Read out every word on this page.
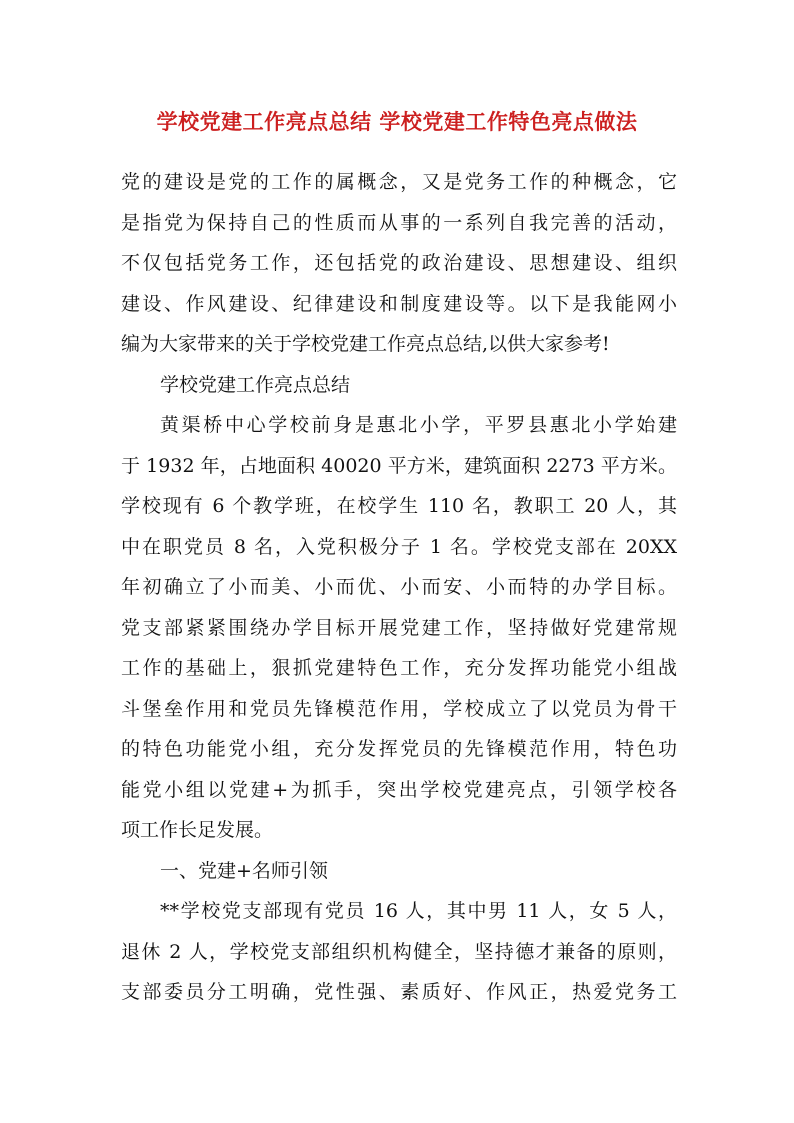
学校党建工作亮点总结 学校党建工作特色亮点做法
党的建设是党的工作的属概念，又是党务工作的种概念，它
是指党为保持自己的性质而从事的一系列自我完善的活动，
不仅包括党务工作，还包括党的政治建设、思想建设、组织
建设、作风建设、纪律建设和制度建设等。以下是我能网小
编为大家带来的关于学校党建工作亮点总结,以供大家参考!
学校党建工作亮点总结
黄渠桥中心学校前身是惠北小学，平罗县惠北小学始建
于 1932 年，占地面积 40020 平方米，建筑面积 2273 平方米。
学校现有 6 个教学班，在校学生 110 名，教职工 20 人，其
中在职党员 8 名，入党积极分子 1 名。学校党支部在 20XX
年初确立了小而美、小而优、小而安、小而特的办学目标。
党支部紧紧围绕办学目标开展党建工作，坚持做好党建常规
工作的基础上，狠抓党建特色工作，充分发挥功能党小组战
斗堡垒作用和党员先锋模范作用，学校成立了以党员为骨干
的特色功能党小组，充分发挥党员的先锋模范作用，特色功
能党小组以党建+为抓手，突出学校党建亮点，引领学校各
项工作长足发展。
一、党建+名师引领
**学校党支部现有党员 16 人，其中男 11 人，女 5 人，
退休 2 人，学校党支部组织机构健全，坚持德才兼备的原则，
支部委员分工明确，党性强、素质好、作风正，热爱党务工
